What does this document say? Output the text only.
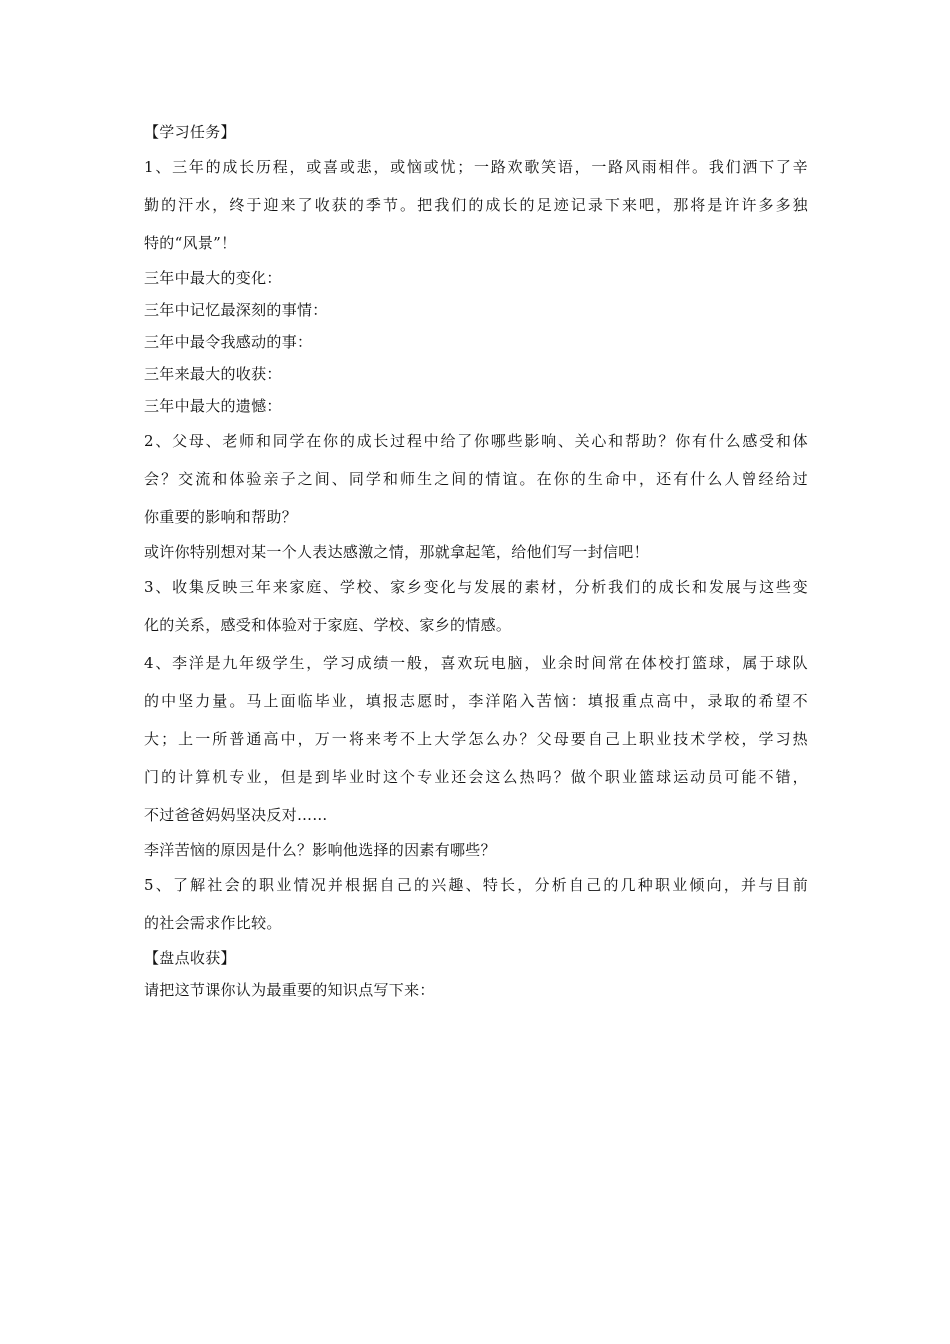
【学习任务】

1、三年的成长历程，或喜或悲，或恼或忧；一路欢歌笑语，一路风雨相伴。我们洒下了辛

勤的汗水，终于迎来了收获的季节。把我们的成长的足迹记录下来吧，那将是许许多多独

特的“风景”！

三年中最大的变化：

三年中记忆最深刻的事情：

三年中最令我感动的事：

三年来最大的收获：

三年中最大的遗憾：

2、父母、老师和同学在你的成长过程中给了你哪些影响、关心和帮助？你有什么感受和体

会？交流和体验亲子之间、同学和师生之间的情谊。在你的生命中，还有什么人曾经给过

你重要的影响和帮助？

或许你特别想对某一个人表达感激之情，那就拿起笔，给他们写一封信吧！

3、收集反映三年来家庭、学校、家乡变化与发展的素材，分析我们的成长和发展与这些变

化的关系，感受和体验对于家庭、学校、家乡的情感。

4、李洋是九年级学生，学习成绩一般，喜欢玩电脑，业余时间常在体校打篮球，属于球队

的中坚力量。马上面临毕业，填报志愿时，李洋陷入苦恼：填报重点高中，录取的希望不

大；上一所普通高中，万一将来考不上大学怎么办？父母要自己上职业技术学校，学习热

门的计算机专业，但是到毕业时这个专业还会这么热吗？做个职业篮球运动员可能不错，

不过爸爸妈妈坚决反对……

李洋苦恼的原因是什么？影响他选择的因素有哪些？

5、了解社会的职业情况并根据自己的兴趣、特长，分析自己的几种职业倾向，并与目前

的社会需求作比较。

【盘点收获】

请把这节课你认为最重要的知识点写下来：
